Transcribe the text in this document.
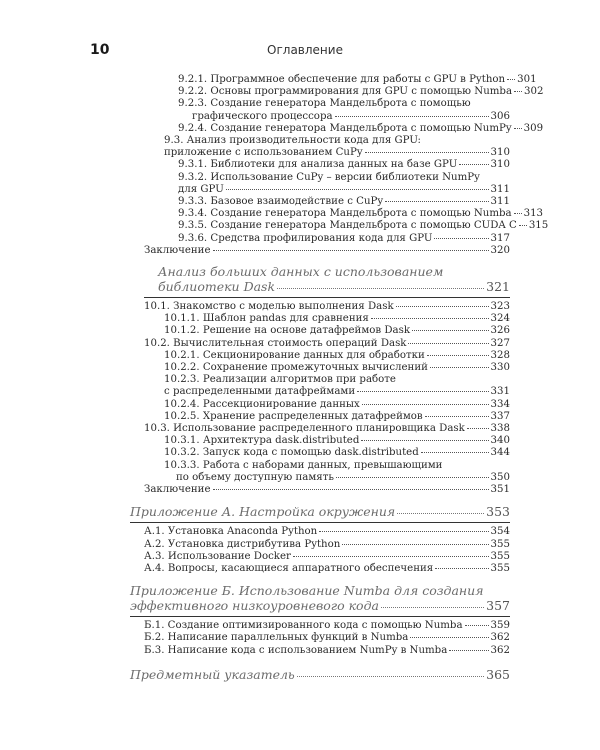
10	Оглавление
9.2.1. Программное обеспечение для работы с GPU в Python 301
9.2.2. Основы программирования для GPU с помощью Numba 302
9.2.3. Создание генератора Мандельброта с помощью
графического процессора	306
9.2.4. Создание генератора Мандельброта с помощью NumPy 309
9.3. Анализ производительности кода для GPU:
приложение с использованием CuPy	310
9.3.1. Библиотеки для анализа данных на базе GPU	310
9.3.2. Использование CuPy – версии библиотеки NumPy
для GPU	311
9.3.3. Базовое взаимодействие с CuPy	311
9.3.4. Создание генератора Мандельброта с помощью Numba 313
9.3.5. Создание генератора Мандельброта с помощью CUDA C 315
9.3.6. Средства профилирования кода для GPU	317
Заключение	320
Анализ больших данных с использованием
библиотеки Dask	321
10.1. Знакомство с моделью выполнения Dask	323
10.1.1. Шаблон pandas для сравнения	324
10.1.2. Решение на основе датафреймов Dask	326
10.2. Вычислительная стоимость операций Dask	327
10.2.1. Секционирование данных для обработки	328
10.2.2. Сохранение промежуточных вычислений	330
10.2.3. Реализации алгоритмов при работе
с распределенными датафреймами	331
10.2.4. Рассекционирование данных	334
10.2.5. Хранение распределенных датафреймов	337
10.3. Использование распределенного планировщика Dask	338
10.3.1. Архитектура dask.distributed	340
10.3.2. Запуск кода с помощью dask.distributed	344
10.3.3. Работа с наборами данных, превышающими
по объему доступную память	350
Заключение	351
Приложение А. Настройка окружения	353
А.1. Установка Anaconda Python	354
А.2. Установка дистрибутива Python	355
А.3. Использование Docker	355
А.4. Вопросы, касающиеся аппаратного обеспечения	355
Приложение Б. Использование Numba для создания
эффективного низкоуровневого кода	357
Б.1. Создание оптимизированного кода с помощью Numba	359
Б.2. Написание параллельных функций в Numba	362
Б.3. Написание кода с использованием NumPy в Numba	362
Предметный указатель	365
